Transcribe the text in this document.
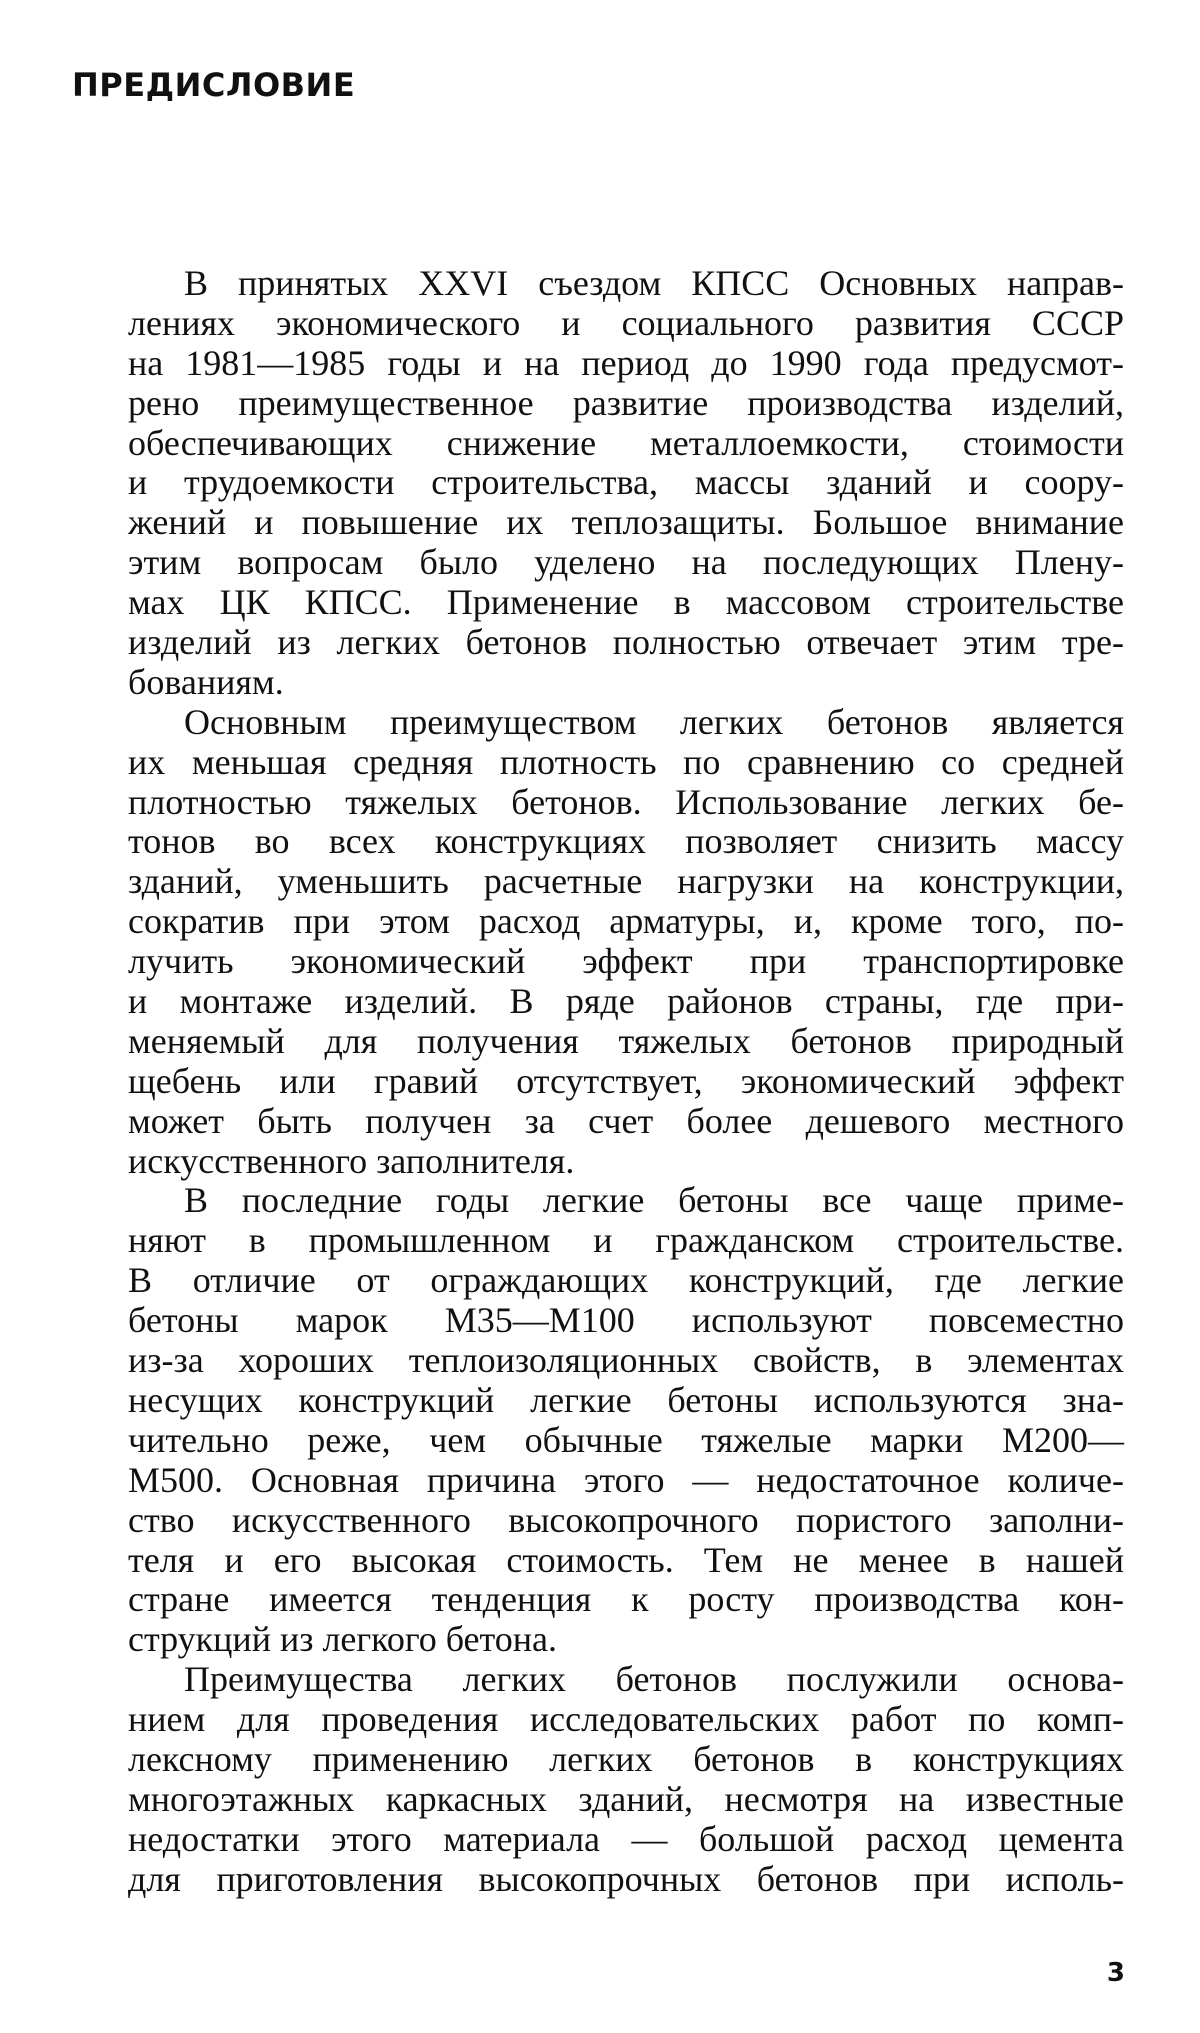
ПРЕДИСЛОВИЕ
В принятых XXVI съездом КПСС Основных направ-
лениях экономического и социального развития СССР
на 1981—1985 годы и на период до 1990 года предусмот-
рено преимущественное развитие производства изделий,
обеспечивающих снижение металлоемкости, стоимости
и трудоемкости строительства, массы зданий и соору-
жений и повышение их теплозащиты. Большое внимание
этим вопросам было уделено на последующих Плену-
мах ЦК КПСС. Применение в массовом строительстве
изделий из легких бетонов полностью отвечает этим тре-
бованиям.
Основным преимуществом легких бетонов является
их меньшая средняя плотность по сравнению со средней
плотностью тяжелых бетонов. Использование легких бе-
тонов во всех конструкциях позволяет снизить массу
зданий, уменьшить расчетные нагрузки на конструкции,
сократив при этом расход арматуры, и, кроме того, по-
лучить экономический эффект при транспортировке
и монтаже изделий. В ряде районов страны, где при-
меняемый для получения тяжелых бетонов природный
щебень или гравий отсутствует, экономический эффект
может быть получен за счет более дешевого местного
искусственного заполнителя.
В последние годы легкие бетоны все чаще приме-
няют в промышленном и гражданском строительстве.
В отличие от ограждающих конструкций, где легкие
бетоны марок М35—М100 используют повсеместно
из-за хороших теплоизоляционных свойств, в элементах
несущих конструкций легкие бетоны используются зна-
чительно реже, чем обычные тяжелые марки М200—
М500. Основная причина этого — недостаточное количе-
ство искусственного высокопрочного пористого заполни-
теля и его высокая стоимость. Тем не менее в нашей
стране имеется тенденция к росту производства кон-
струкций из легкого бетона.
Преимущества легких бетонов послужили основа-
нием для проведения исследовательских работ по комп-
лексному применению легких бетонов в конструкциях
многоэтажных каркасных зданий, несмотря на известные
недостатки этого материала — большой расход цемента
для приготовления высокопрочных бетонов при исполь-
3
